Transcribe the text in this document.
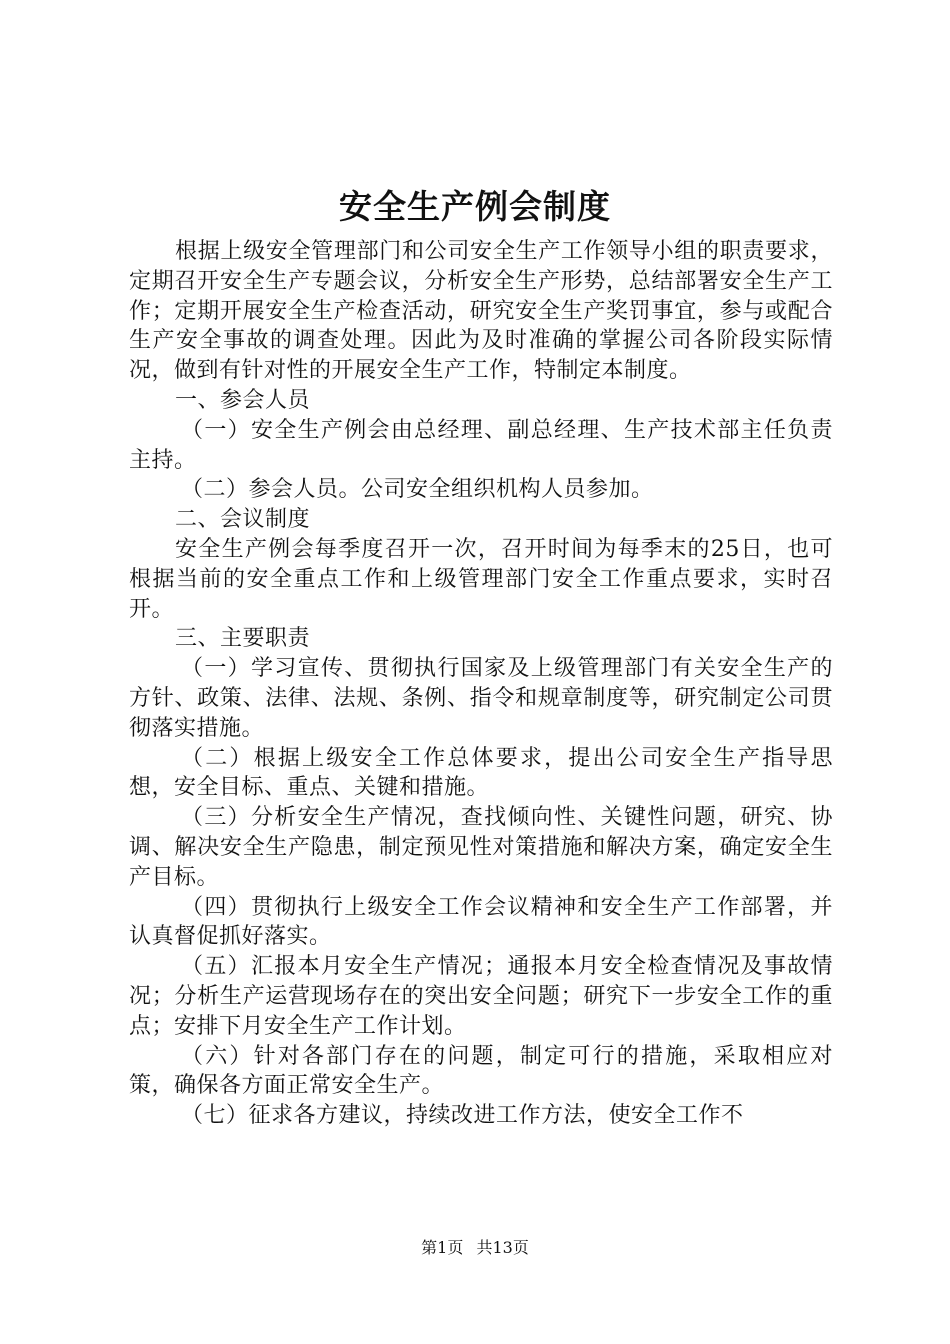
安全生产例会制度

根据上级安全管理部门和公司安全生产工作领导小组的职责要求，定期召开安全生产专题会议，分析安全生产形势，总结部署安全生产工作；定期开展安全生产检查活动，研究安全生产奖罚事宜，参与或配合生产安全事故的调查处理。因此为及时准确的掌握公司各阶段实际情况，做到有针对性的开展安全生产工作，特制定本制度。

一、参会人员

（一）安全生产例会由总经理、副总经理、生产技术部主任负责主持。

（二）参会人员。公司安全组织机构人员参加。

二、会议制度

安全生产例会每季度召开一次，召开时间为每季末的25日，也可根据当前的安全重点工作和上级管理部门安全工作重点要求，实时召开。

三、主要职责

（一）学习宣传、贯彻执行国家及上级管理部门有关安全生产的方针、政策、法律、法规、条例、指令和规章制度等，研究制定公司贯彻落实措施。

（二）根据上级安全工作总体要求，提出公司安全生产指导思想，安全目标、重点、关键和措施。

（三）分析安全生产情况，查找倾向性、关键性问题，研究、协调、解决安全生产隐患，制定预见性对策措施和解决方案，确定安全生产目标。

（四）贯彻执行上级安全工作会议精神和安全生产工作部署，并认真督促抓好落实。

（五）汇报本月安全生产情况；通报本月安全检查情况及事故情况；分析生产运营现场存在的突出安全问题；研究下一步安全工作的重点；安排下月安全生产工作计划。

（六）针对各部门存在的问题，制定可行的措施，采取相应对策，确保各方面正常安全生产。

（七）征求各方建议，持续改进工作方法，使安全工作不

第1页 共13页
